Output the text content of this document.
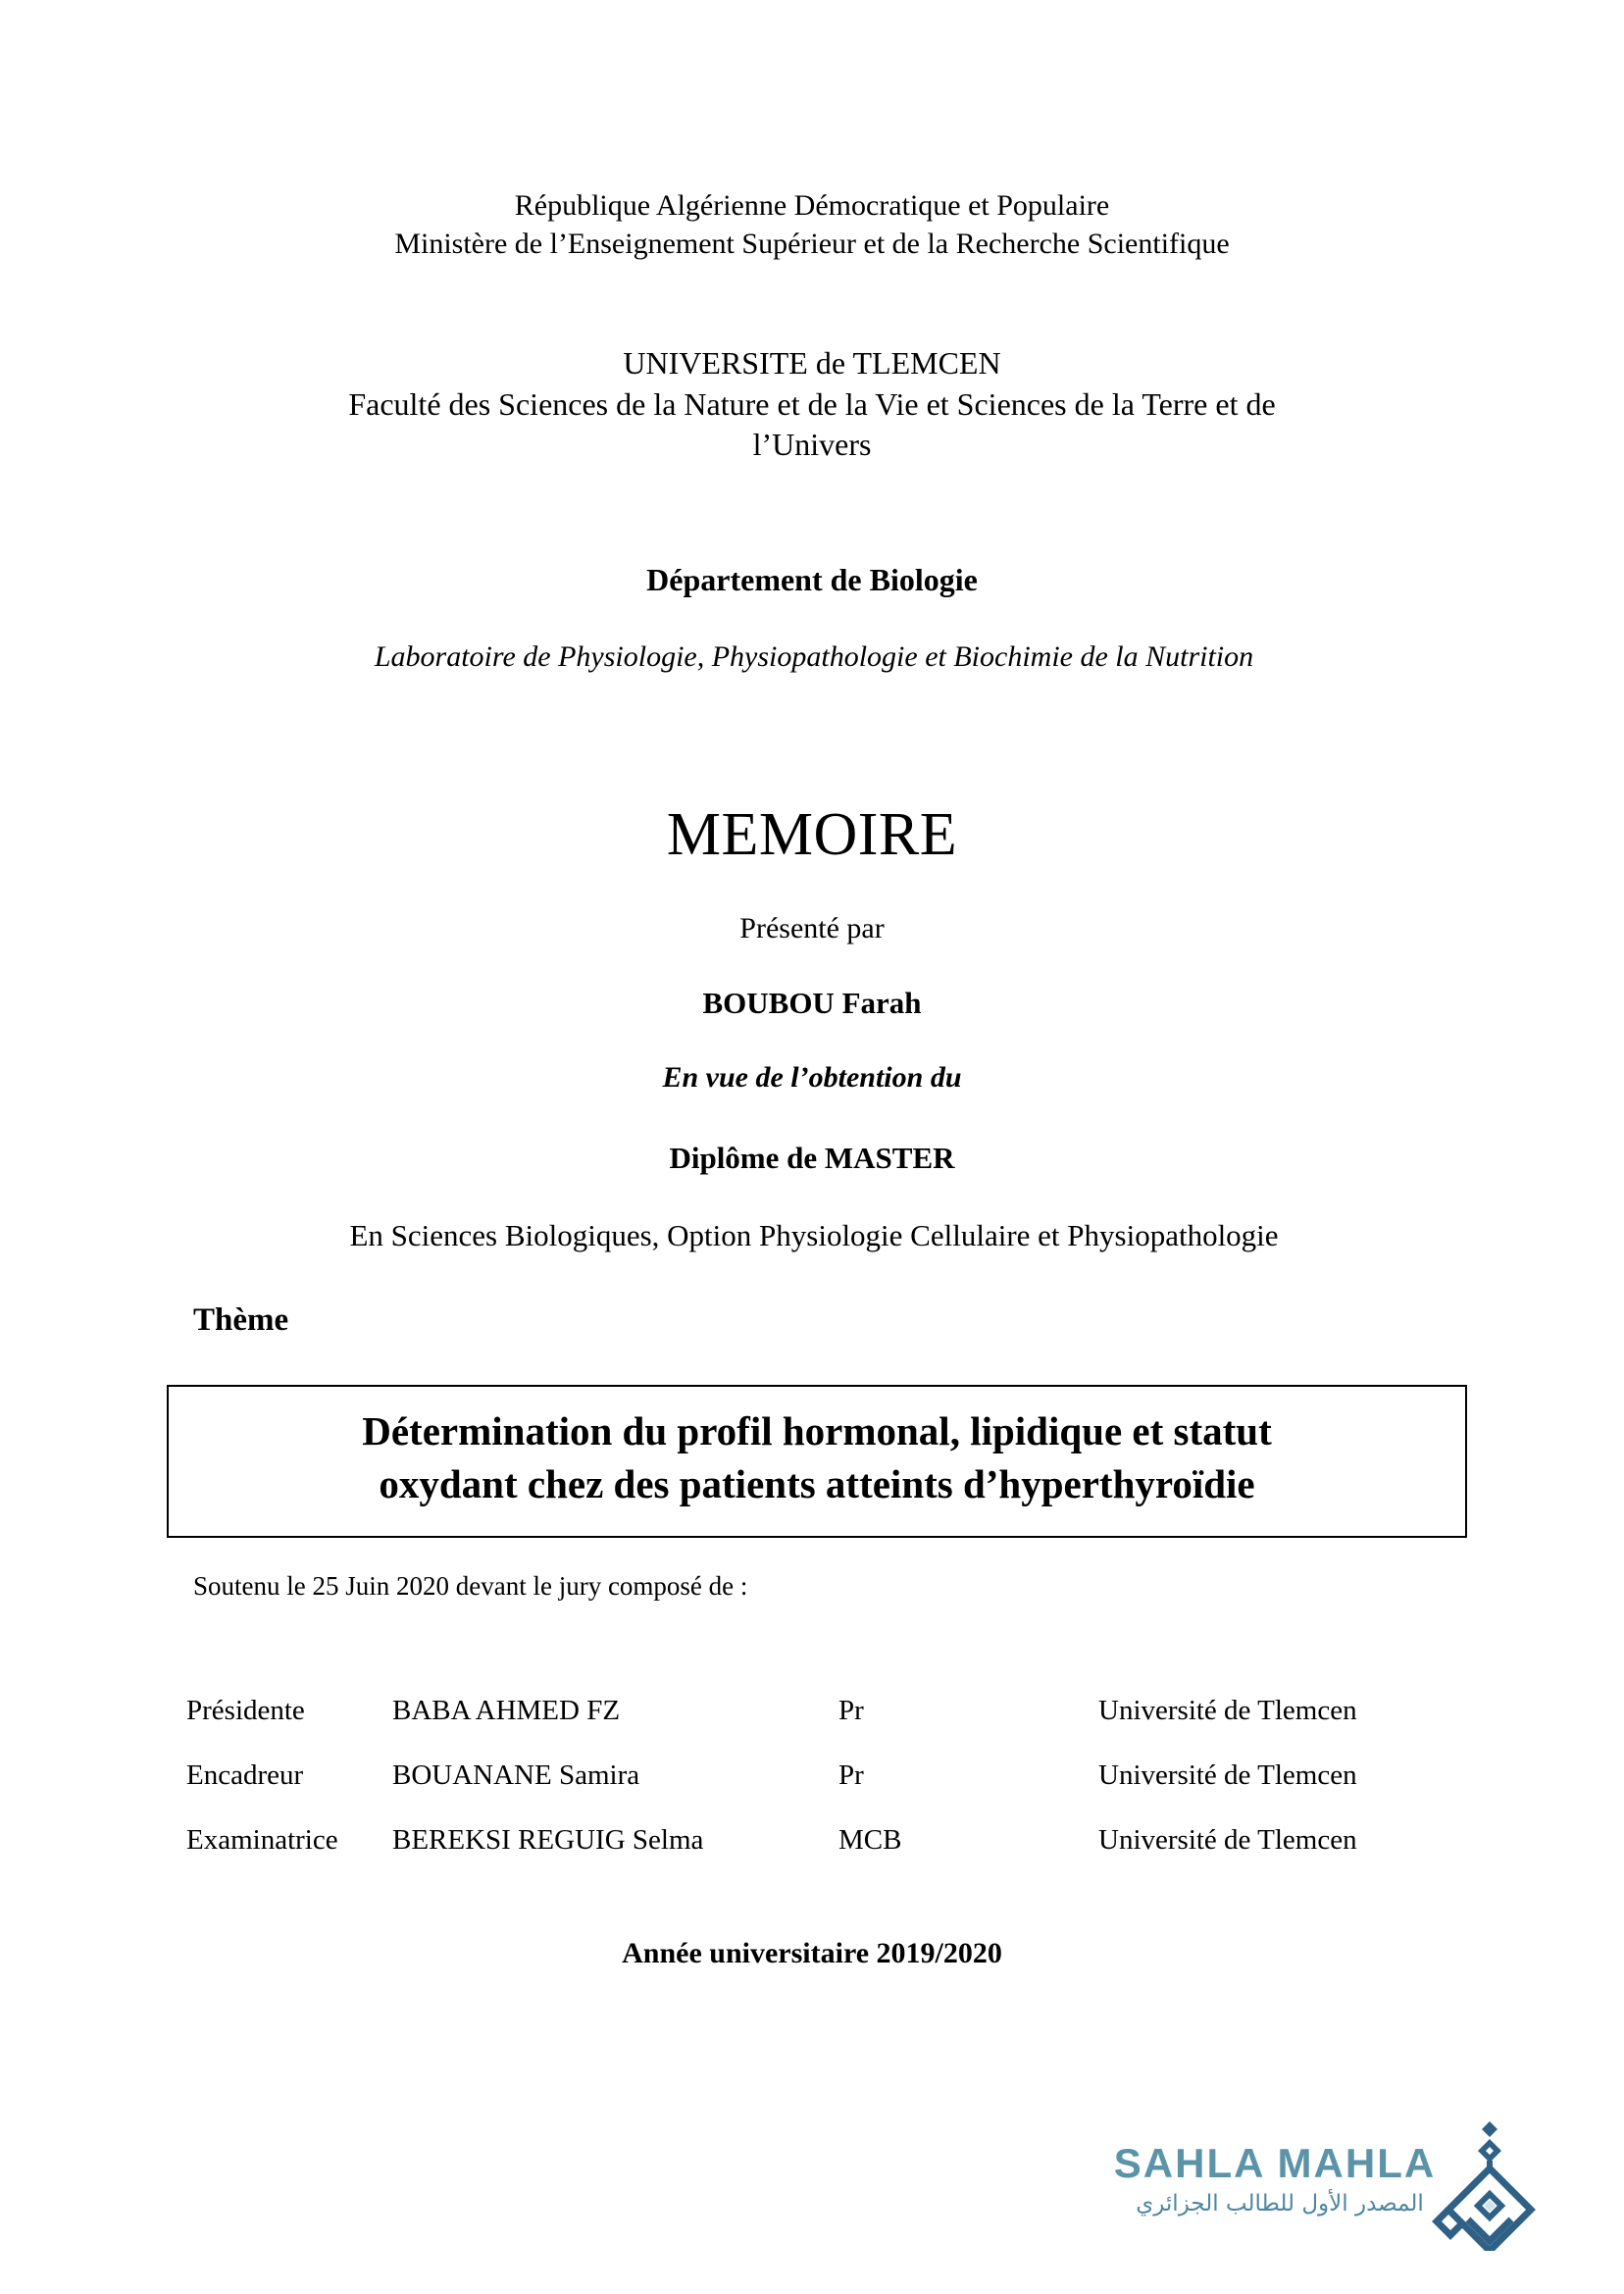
République Algérienne Démocratique et Populaire
Ministère de l’Enseignement Supérieur et de la Recherche Scientifique
UNIVERSITE de TLEMCEN
Faculté des Sciences de la Nature et de la Vie et Sciences de la Terre et de
l’Univers
Département de Biologie
Laboratoire de Physiologie, Physiopathologie et Biochimie de la Nutrition
MEMOIRE
Présenté par
BOUBOU Farah
En vue de l’obtention du
Diplôme de MASTER
En Sciences Biologiques, Option Physiologie Cellulaire et Physiopathologie
Thème
Détermination du profil hormonal, lipidique et statut
oxydant chez des patients atteints d’hyperthyroïdie
Soutenu le 25 Juin 2020 devant le jury composé de :
Présidente	BABA AHMED FZ	Pr	Université de Tlemcen
Encadreur	BOUANANE Samira	Pr	Université de Tlemcen
Examinatrice	BEREKSI REGUIG Selma	MCB	Université de Tlemcen
Année universitaire 2019/2020
SAHLA MAHLA
المصدر الأول للطالب الجزائري
